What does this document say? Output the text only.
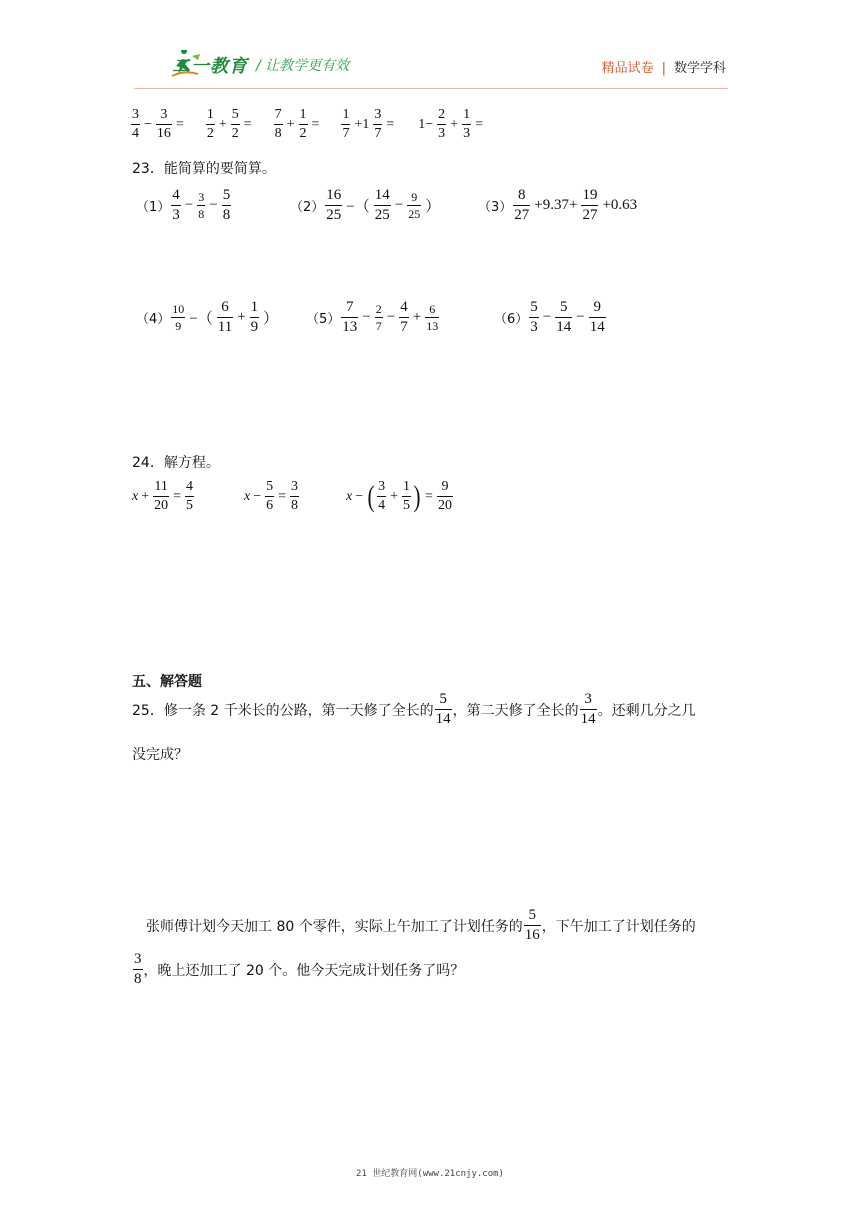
二一教育 / 让教学更有效	精品试卷 | 数学学科
$\frac{3}{4} - \frac{3}{16} = \frac{1}{2} + \frac{5}{2} = \frac{7}{8} + \frac{1}{2} = \frac{1}{7} +1 \frac{3}{7} = 1- \frac{2}{3} + \frac{1}{3}$ =
23．能简算的要简算。
$(1) \frac{4}{3} - \frac{3}{8} - \frac{5}{8}$	$(2) \frac{16}{25}$ −（ $\frac{14}{25} - \frac{9}{25}$ ）	$(3) \frac{8}{27} +9.37+ \frac{19}{27} +0.63$
$(4) \frac{10}{9}$ −（ $\frac{6}{11} + \frac{1}{9}$ ） $(5) \frac{7}{13} - \frac{2}{7} - \frac{4}{7} + \frac{6}{13}$	$(6) \frac{5}{3} - \frac{5}{14} - \frac{9}{14}$
24．解方程。
$x + \frac{11}{20} = \frac{4}{5}$	$x - \frac{5}{6} = \frac{3}{8}$	x − ( $\frac{3}{4} + \frac{1}{5}$ ) = $\frac{9}{20}$
五、解答题
25．修一条 2 千米长的公路，第一天修了全长的 $\frac{5}{14}$ ，第二天修了全长的 $\frac{3}{14}$ 。还剩几分之几
没完成？
张师傅计划今天加工 80 个零件，实际上午加工了计划任务的 $\frac{5}{16}$ ，下午加工了计划任务的
$\frac{3}{8}$ ，晚上还加工了 20 个。他今天完成计划任务了吗？
21 世纪教育网(www.21cnjy.com)
